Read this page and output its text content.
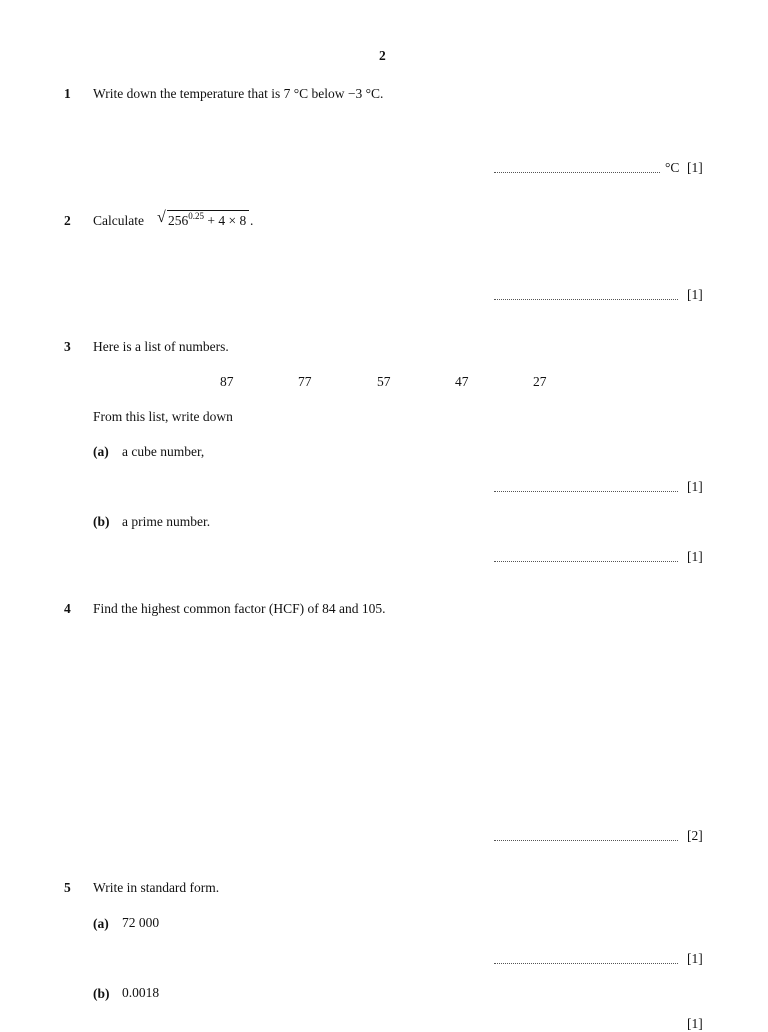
2
1 Write down the temperature that is 7 °C below −3 °C.
°C [1]
2 Calculate √ $256^{0.25} + 4 \times 8$ .
[1]
3 Here is a list of numbers.
87	77	57	47	27
From this list, write down
(a) a cube number,
[1]
(b) a prime number.
[1]
4 Find the highest common factor (HCF) of 84 and 105.
[2]
5 Write in standard form.
(a) 72 000
[1]
(b) 0.0018
[1]
